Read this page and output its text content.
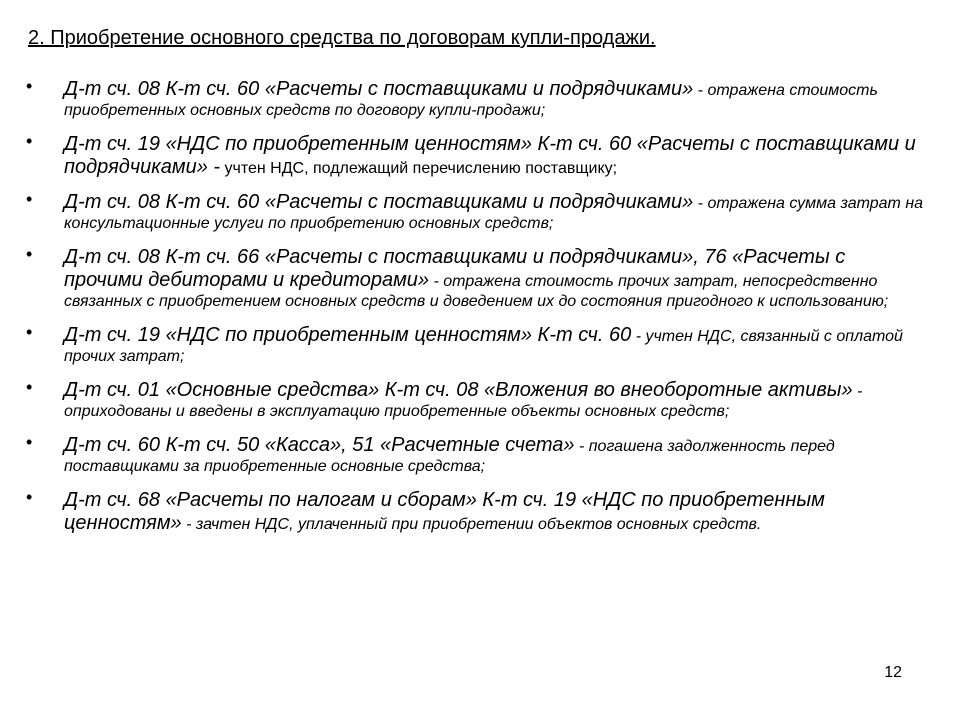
2. Приобретение основного средства по договорам купли-продажи.
• Д-т сч. 08 К-т сч. 60 «Расчеты с поставщиками и подрядчиками» - отражена стоимость приобретенных основных средств по договору купли-продажи;
• Д-т сч. 19 «НДС по приобретенным ценностям» К-т сч. 60 «Расчеты с поставщиками и подрядчиками» - учтен НДС, подлежащий перечислению поставщику;
• Д-т сч. 08 К-т сч. 60 «Расчеты с поставщиками и подрядчиками» - отражена сумма затрат на консультационные услуги по приобретению основных средств;
• Д-т сч. 08 К-т сч. 66 «Расчеты с поставщиками и подрядчиками», 76 «Расчеты с прочими дебиторами и кредиторами» - отражена стоимость прочих затрат, непосредственно связанных с приобретением основных средств и доведением их до состояния пригодного к использованию;
• Д-т сч. 19 «НДС по приобретенным ценностям» К-т сч. 60 - учтен НДС, связанный с оплатой прочих затрат;
• Д-т сч. 01 «Основные средства» К-т сч. 08 «Вложения во внеоборотные активы» - оприходованы и введены в эксплуатацию приобретенные объекты основных средств;
• Д-т сч. 60 К-т сч. 50 «Касса», 51 «Расчетные счета» - погашена задолженность перед поставщиками за приобретенные основные средства;
• Д-т сч. 68 «Расчеты по налогам и сборам» К-т сч. 19 «НДС по приобретенным ценностям» - зачтен НДС, уплаченный при приобретении объектов основных средств.
12
